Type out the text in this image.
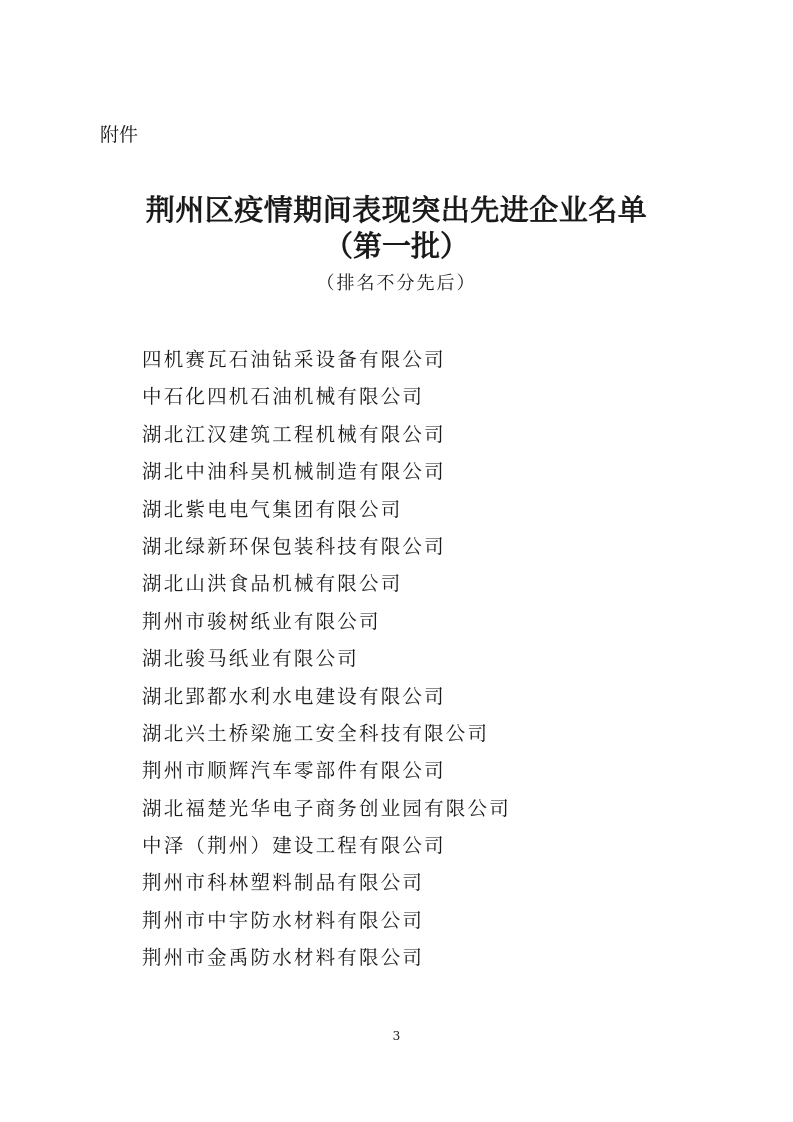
附件
荆州区疫情期间表现突出先进企业名单
（第一批）
（排名不分先后）
四机赛瓦石油钻采设备有限公司
中石化四机石油机械有限公司
湖北江汉建筑工程机械有限公司
湖北中油科昊机械制造有限公司
湖北紫电电气集团有限公司
湖北绿新环保包装科技有限公司
湖北山洪食品机械有限公司
荆州市骏树纸业有限公司
湖北骏马纸业有限公司
湖北郢都水利水电建设有限公司
湖北兴土桥梁施工安全科技有限公司
荆州市顺辉汽车零部件有限公司
湖北福楚光华电子商务创业园有限公司
中泽（荆州）建设工程有限公司
荆州市科林塑料制品有限公司
荆州市中宇防水材料有限公司
荆州市金禹防水材料有限公司
3
